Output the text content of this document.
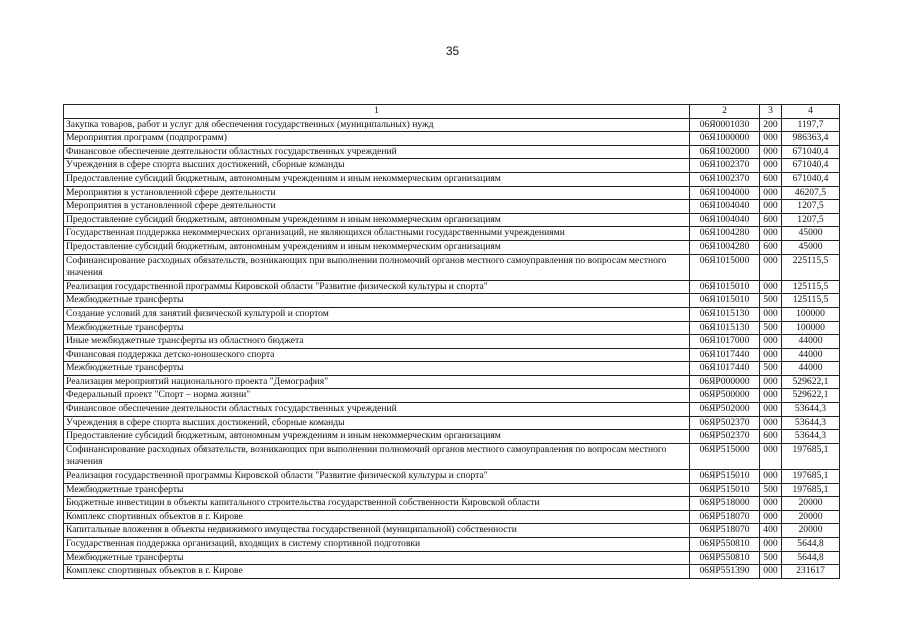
35
1	2	3	4
Закупка товаров, работ и услуг для обеспечения государственных (муниципальных) нужд	06Я0001030	200	1197,7
Мероприятия программ (подпрограмм)	06Я1000000	000	986363,4
Финансовое обеспечение деятельности областных государственных учреждений	06Я1002000	000	671040,4
Учреждения в сфере спорта высших достижений, сборные команды	06Я1002370	000	671040,4
Предоставление субсидий бюджетным, автономным учреждениям и иным некоммерческим организациям	06Я1002370	600	671040,4
Мероприятия в установленной сфере деятельности	06Я1004000	000	46207,5
Мероприятия в установленной сфере деятельности	06Я1004040	000	1207,5
Предоставление субсидий бюджетным, автономным учреждениям и иным некоммерческим организациям	06Я1004040	600	1207,5
Государственная поддержка некоммерческих организаций, не являющихся областными государственными учреждениями	06Я1004280	000	45000
Предоставление субсидий бюджетным, автономным учреждениям и иным некоммерческим организациям	06Я1004280	600	45000
Софинансирование расходных обязательств, возникающих при выполнении полномочий органов местного самоуправления по вопросам местного значения	06Я1015000	000	225115,5
Реализация государственной программы Кировской области "Развитие физической культуры и спорта"	06Я1015010	000	125115,5
Межбюджетные трансферты	06Я1015010	500	125115,5
Создание условий для занятий физической культурой и спортом	06Я1015130	000	100000
Межбюджетные трансферты	06Я1015130	500	100000
Иные межбюджетные трансферты из областного бюджета	06Я1017000	000	44000
Финансовая поддержка детско-юношеского спорта	06Я1017440	000	44000
Межбюджетные трансферты	06Я1017440	500	44000
Реализация мероприятий национального проекта "Демография"	06ЯР000000	000	529622,1
Федеральный проект "Спорт – норма жизни"	06ЯР500000	000	529622,1
Финансовое обеспечение деятельности областных государственных учреждений	06ЯР502000	000	53644,3
Учреждения в сфере спорта высших достижений, сборные команды	06ЯР502370	000	53644,3
Предоставление субсидий бюджетным, автономным учреждениям и иным некоммерческим организациям	06ЯР502370	600	53644,3
Софинансирование расходных обязательств, возникающих при выполнении полномочий органов местного самоуправления по вопросам местного значения	06ЯР515000	000	197685,1
Реализация государственной программы Кировской области "Развитие физической культуры и спорта"	06ЯР515010	000	197685,1
Межбюджетные трансферты	06ЯР515010	500	197685,1
Бюджетные инвестиции в объекты капитального строительства государственной собственности Кировской области	06ЯР518000	000	20000
Комплекс спортивных объектов в г. Кирове	06ЯР518070	000	20000
Капитальные вложения в объекты недвижимого имущества государственной (муниципальной) собственности	06ЯР518070	400	20000
Государственная поддержка организаций, входящих в систему спортивной подготовки	06ЯР550810	000	5644,8
Межбюджетные трансферты	06ЯР550810	500	5644,8
Комплекс спортивных объектов в г. Кирове	06ЯР551390	000	231617
